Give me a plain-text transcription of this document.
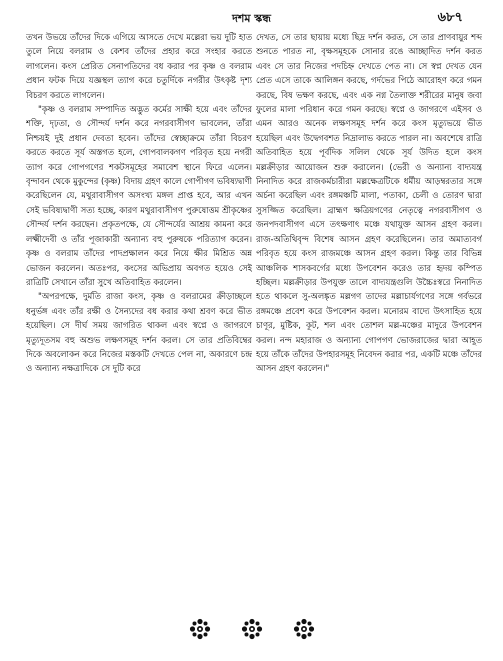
দশম স্কন্ধ	৬৮৭

তখন উভয়ে তাঁদের দিকে এগিয়ে আসতে দেখে মল্লেরা ভয় দুটি হাত তুলে নিয়ে বলরাম ও কেশব তাঁদের প্রহার করে সংহার করতে লাগলেন। কংস প্রেরিত সেনাপতিদের বধ করার পর কৃষ্ণ ও বলরাম প্রধান ফটক দিয়ে যজ্ঞস্থল ত্যাগ করে চতুর্দিকে নগরীর উৎকৃষ্ট দৃশ্য বিচরণ করতে লাগলেন।

"কৃষ্ণ ও বলরাম সম্পাদিত অদ্ভুত কর্মের সাক্ষী হয়ে এবং তাঁদের শক্তি, দৃঢ়তা, ও সৌন্দর্য দর্শন করে নগরবাসীগণ ভাবলেন, তাঁরা নিশ্চয়ই দুই প্রধান দেবতা হবেন। তাঁদের স্বেচ্ছাক্রমে তাঁরা বিচরণ করতে করতে সূর্য অস্তগত হলে, গোপবালকগণ পরিবৃত হয়ে নগরী ত্যাগ করে গোপগণের শকটসমূহের সমাবেশ স্থানে ফিরে এলেন। বৃন্দাবন থেকে মুকুন্দের (কৃষ্ণ) বিদায় গ্রহণ কালে গোপীগণ ভবিষ্যদ্বাণী করেছিলেন যে, মথুরাবাসীগণ অসংখ্য মঙ্গল প্রাপ্ত হবে, আর এখন সেই ভবিষ্যদ্বাণী সত্য হচ্ছে, কারণ মথুরাবাসীগণ পুরুষোত্তম শ্রীকৃষ্ণের সৌন্দর্য দর্শন করছেন। প্রকৃতপক্ষে, যে সৌন্দর্যের আশ্রয় কামনা করে লক্ষ্মীদেবী ও তাঁর পূজাকারী অন্যান্য বহু পুরুষকে পরিত্যাগ করেন। কৃষ্ণ ও বলরাম তাঁদের পাদপ্রক্ষালন করে নিয়ে ক্ষীর মিশ্রিত অন্ন ভোজন করলেন। অতঃপর, কংসের অভিপ্রায় অবগত হয়েও সেই রাত্রিটি সেখানে তাঁরা সুখে অতিবাহিত করলেন।

"অপরপক্ষে, দুর্মতি রাজা কংস, কৃষ্ণ ও বলরামের ক্রীড়াচ্ছলে ধনুর্ভঙ্গ এবং তাঁর রক্ষী ও সৈন্যদের বধ করার কথা শ্রবণ করে ভীত হয়েছিল। সে দীর্ঘ সময় জাগরিত থাকল এবং স্বপ্নে ও জাগরণে মৃত্যুদূতসম বহু অশুভ লক্ষণসমূহ দর্শন করল। সে তার প্রতিবিম্বের দিকে অবলোকন করে নিজের মস্তকটি দেখতে পেল না, অকারণে চন্দ্র ও অন্যান্য নক্ষত্রাদিকে সে দুটি করে

দেখত, সে তার ছায়ায় মধ্যে ছিদ্র দর্শন করত, সে তার প্রাণবায়ুর শব্দ শুনতে পারত না, বৃক্ষসমূহকে সোনার রঙে আচ্ছাদিত দর্শন করত এবং সে তার নিজের পদচিহ্ন দেখতে পেত না। সে স্বপ্ন দেখত যেন প্রেত এসে তাকে আলিঙ্গন করছে, গর্দভের পিঠে আরোহণ করে গমন করছে, বিষ ভক্ষণ করছে, এবং এক নগ্ন তৈলাক্ত শরীরের মানুষ জবা ফুলের মালা পরিধান করে গমন করছে। স্বপ্নে ও জাগরণে এইসব ও এমন আরও অনেক লক্ষণসমূহ দর্শন করে কংস মৃত্যুভয়ে ভীত হয়েছিল এবং উদ্বেগবশত নিদ্রালাভ করতে পারল না। অবশেষে রাত্রি অতিবাহিত হয়ে পূর্বদিক সলিল থেকে সূর্য উদিত হলে কংস মল্লক্রীড়ার আয়োজন শুরু করালেন। (ভেরী ও অন্যান্য বাদ্যযন্ত্র নিনাদিত করে রাজকর্মচারীরা মল্লক্ষেত্রটিকে ধর্মীয় আড়ম্বরতার সঙ্গে অর্চনা করেছিল এবং রঙ্গমঞ্চটি মালা, পতাকা, চেলী ও তোরণ দ্বারা সুসজ্জিত করেছিল। ব্রাহ্মণ ক্ষত্রিয়গণের নেতৃত্বে নগরবাসীগণ ও জনপদবাসীগণ এসে তৎক্ষণাৎ মঞ্চে যথাযুক্ত আসন গ্রহণ করল। রাজ-অতিথিবৃন্দ বিশেষ আসন গ্রহণ করেছিলেন। তার অমাত্যবর্গ পরিবৃত হয়ে কংস রাজমঞ্চে আসন গ্রহণ করল। কিন্তু তার বিভিন্ন আঞ্চলিক শাসকবর্গের মধ্যে উপবেশন করেও তার হৃদয় কম্পিত হচ্ছিল। মল্লক্রীড়ার উপযুক্ত তালে বাদ্যযন্ত্রগুলি উচ্চৈঃস্বরে নিনাদিত হতে থাকলে সু-অলঙ্কৃত মল্লগণ তাদের মল্লাচার্যগণের সঙ্গে গর্বভরে রঙ্গমঞ্চে প্রবেশ করে উপবেশন করল। মনোরম বাদ্যে উৎসাহিত হয়ে চাণূর, মুষ্টিক, কূট, শল এবং তোশল মল্ল-মঞ্চের মাদুরে উপবেশন করল। নন্দ মহারাজ ও অন্যান্য গোপগণ ভোজরাজের দ্বারা আহূত হয়ে তাঁকে তাঁদের উপহারসমূহ নিবেদন করার পর, একটি মঞ্চে তাঁদের আসন গ্রহণ করলেন।"
